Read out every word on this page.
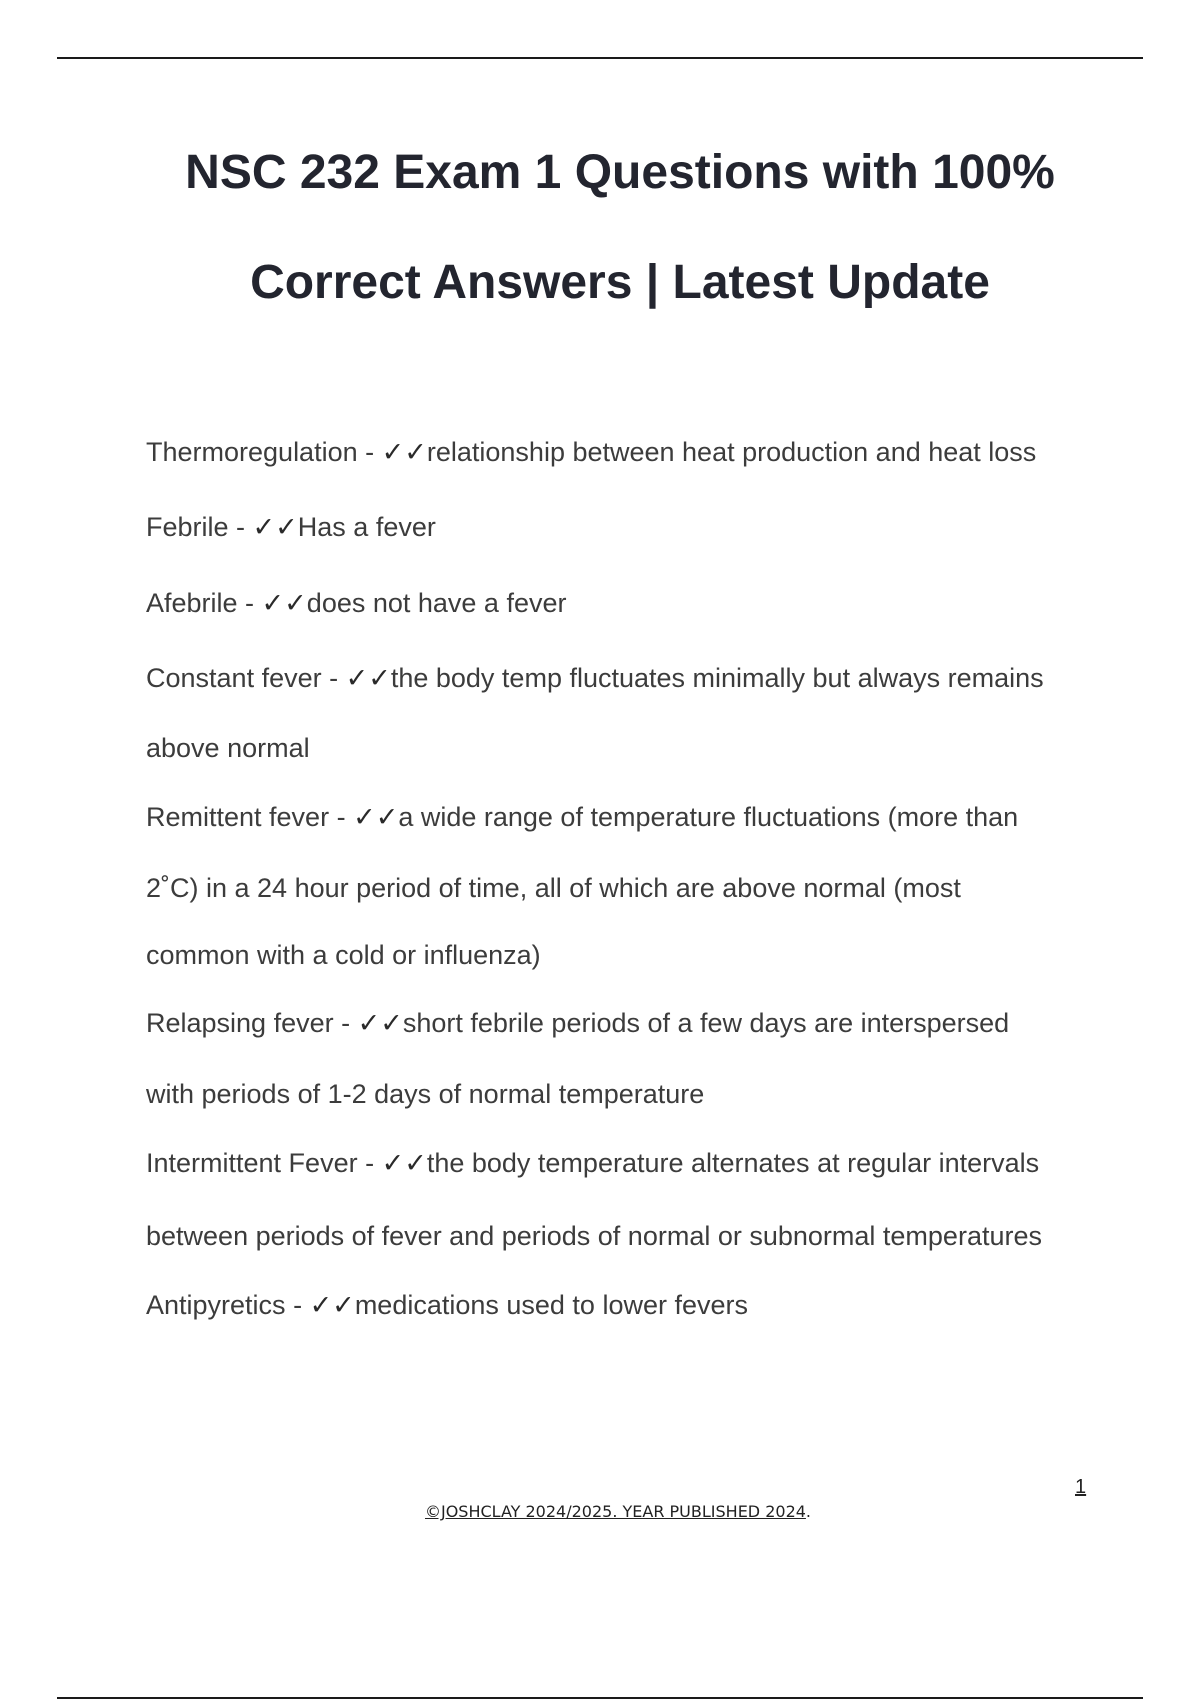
NSC 232 Exam 1 Questions with 100%
Correct Answers | Latest Update
Thermoregulation - ✓✓relationship between heat production and heat loss
Febrile - ✓✓Has a fever
Afebrile - ✓✓does not have a fever
Constant fever - ✓✓the body temp fluctuates minimally but always remains
above normal
Remittent fever - ✓✓a wide range of temperature fluctuations (more than
2˚C) in a 24 hour period of time, all of which are above normal (most
common with a cold or influenza)
Relapsing fever - ✓✓short febrile periods of a few days are interspersed
with periods of 1-2 days of normal temperature
Intermittent Fever - ✓✓the body temperature alternates at regular intervals
between periods of fever and periods of normal or subnormal temperatures
Antipyretics - ✓✓medications used to lower fevers
1
©JOSHCLAY 2024/2025. YEAR PUBLISHED 2024.
